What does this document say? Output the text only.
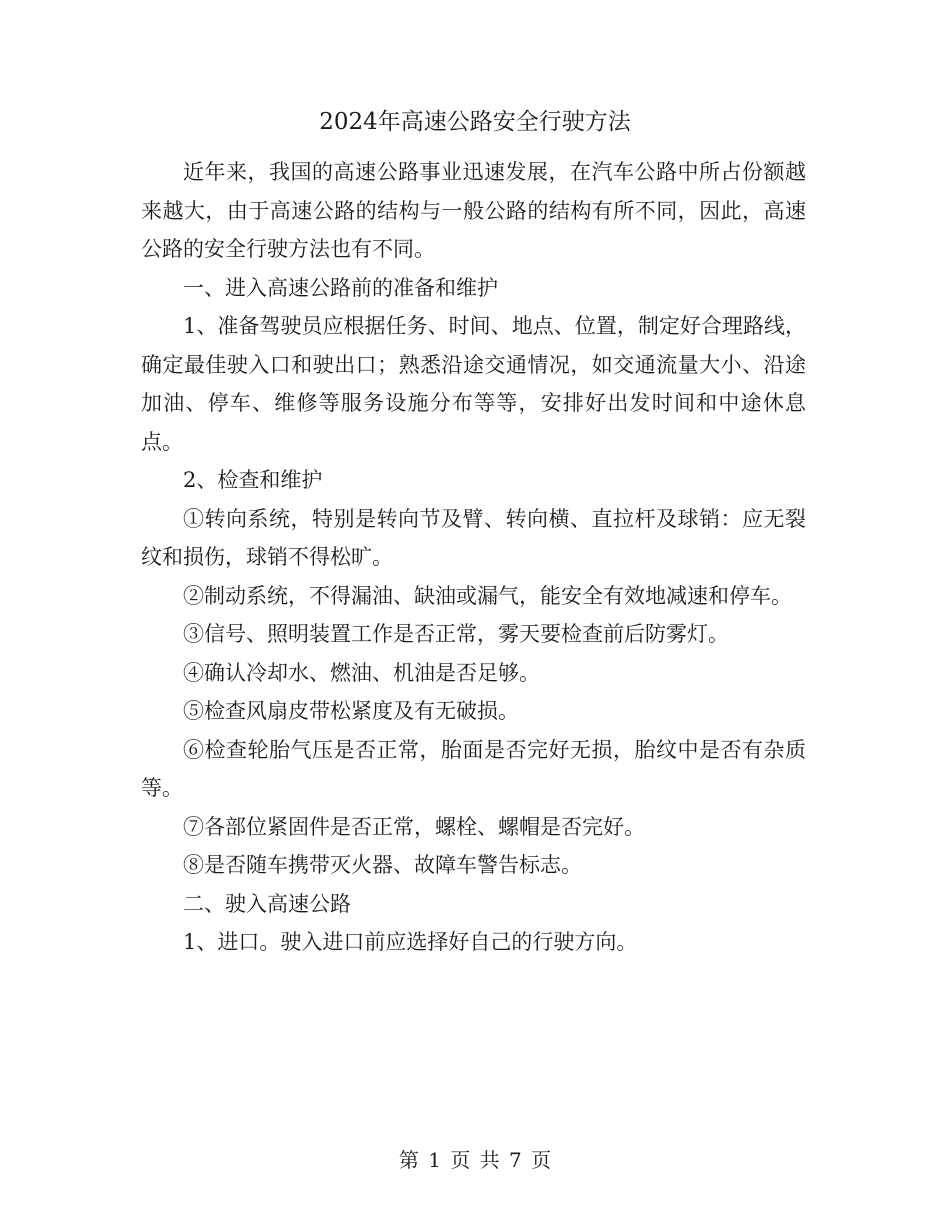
2024年高速公路安全行驶方法

近年来，我国的高速公路事业迅速发展，在汽车公路中所占份额越来越大，由于高速公路的结构与一般公路的结构有所不同，因此，高速公路的安全行驶方法也有不同。

一、进入高速公路前的准备和维护

1、准备驾驶员应根据任务、时间、地点、位置，制定好合理路线，确定最佳驶入口和驶出口；熟悉沿途交通情况，如交通流量大小、沿途加油、停车、维修等服务设施分布等等，安排好出发时间和中途休息点。

2、检查和维护

①转向系统，特别是转向节及臂、转向横、直拉杆及球销：应无裂纹和损伤，球销不得松旷。

②制动系统，不得漏油、缺油或漏气，能安全有效地减速和停车。

③信号、照明装置工作是否正常，雾天要检查前后防雾灯。

④确认冷却水、燃油、机油是否足够。

⑤检查风扇皮带松紧度及有无破损。

⑥检查轮胎气压是否正常，胎面是否完好无损，胎纹中是否有杂质等。

⑦各部位紧固件是否正常，螺栓、螺帽是否完好。

⑧是否随车携带灭火器、故障车警告标志。

二、驶入高速公路

1、进口。驶入进口前应选择好自己的行驶方向。

第 1 页 共 7 页
